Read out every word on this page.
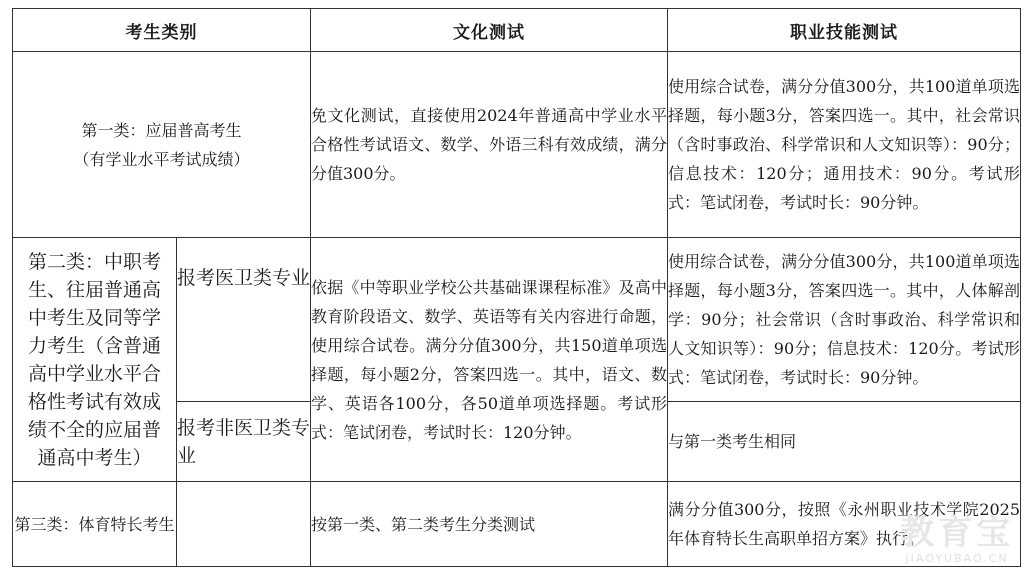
考生类别		文化测试	职业技能测试
第一类：应届普高考生
（有学业水平考试成绩）		免文化测试，直接使用2024年普通高中学业水平合格性考试语文、数学、外语三科有效成绩，满分分值300分。	使用综合试卷，满分分值300分，共100道单项选择题，每小题3分，答案四选一。其中，社会常识（含时事政治、科学常识和人文知识等）：90分；信息技术：120分；通用技术：90分。考试形式：笔试闭卷，考试时长：90分钟。
第二类：中职考生、往届普通高中考生及同等学力考生（含普通高中学业水平合格性考试有效成绩不全的应届普通高中考生）	报考医卫类专业	依据《中等职业学校公共基础课课程标准》及高中教育阶段语文、数学、英语等有关内容进行命题，使用综合试卷。满分分值300分，共150道单项选择题，每小题2分，答案四选一。其中，语文、数学、英语各100分，各50道单项选择题。考试形式：笔试闭卷，考试时长：120分钟。	使用综合试卷，满分分值300分，共100道单项选择题，每小题3分，答案四选一。其中，人体解剖学：90分；社会常识（含时事政治、科学常识和人文知识等）：90分；信息技术：120分。考试形式：笔试闭卷，考试时长：90分钟。
	报考非医卫类专业		与第一类考生相同
第三类：体育特长考生		按第一类、第二类考生分类测试	满分分值300分，按照《永州职业技术学院2025年体育特长生高职单招方案》执行。
教育宝
JIAOYUBAO.CN
